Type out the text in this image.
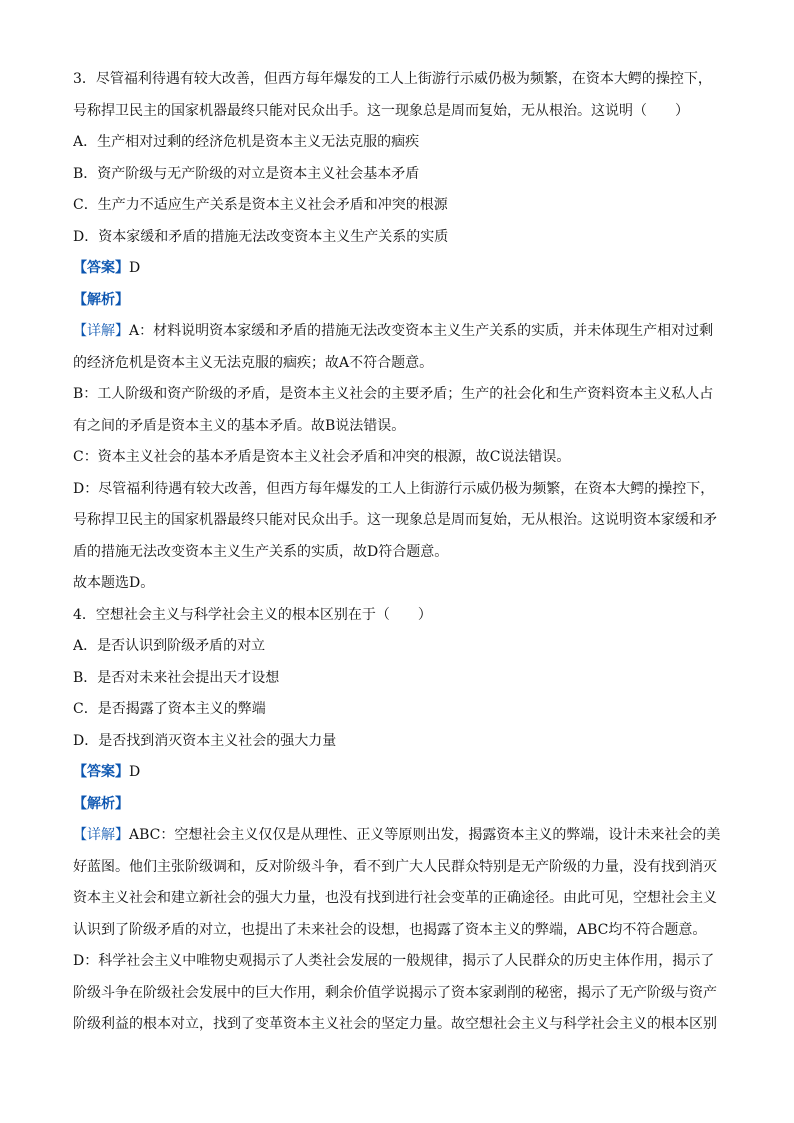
3．尽管福利待遇有较大改善，但西方每年爆发的工人上街游行示威仍极为频繁，在资本大鳄的操控下，
号称捍卫民主的国家机器最终只能对民众出手。这一现象总是周而复始，无从根治。这说明（　　）
A．生产相对过剩的经济危机是资本主义无法克服的痼疾
B．资产阶级与无产阶级的对立是资本主义社会基本矛盾
C．生产力不适应生产关系是资本主义社会矛盾和冲突的根源
D．资本家缓和矛盾的措施无法改变资本主义生产关系的实质
【答案】D
【解析】
【详解】A：材料说明资本家缓和矛盾的措施无法改变资本主义生产关系的实质，并未体现生产相对过剩
的经济危机是资本主义无法克服的痼疾；故A不符合题意。
B：工人阶级和资产阶级的矛盾，是资本主义社会的主要矛盾；生产的社会化和生产资料资本主义私人占
有之间的矛盾是资本主义的基本矛盾。故B说法错误。
C：资本主义社会的基本矛盾是资本主义社会矛盾和冲突的根源，故C说法错误。
D：尽管福利待遇有较大改善，但西方每年爆发的工人上街游行示威仍极为频繁，在资本大鳄的操控下，
号称捍卫民主的国家机器最终只能对民众出手。这一现象总是周而复始，无从根治。这说明资本家缓和矛
盾的措施无法改变资本主义生产关系的实质，故D符合题意。
故本题选D。
4．空想社会主义与科学社会主义的根本区别在于（　　）
A．是否认识到阶级矛盾的对立
B．是否对未来社会提出天才设想
C．是否揭露了资本主义的弊端
D．是否找到消灭资本主义社会的强大力量
【答案】D
【解析】
【详解】ABC：空想社会主义仅仅是从理性、正义等原则出发，揭露资本主义的弊端，设计未来社会的美
好蓝图。他们主张阶级调和，反对阶级斗争，看不到广大人民群众特别是无产阶级的力量，没有找到消灭
资本主义社会和建立新社会的强大力量，也没有找到进行社会变革的正确途径。由此可见，空想社会主义
认识到了阶级矛盾的对立，也提出了未来社会的设想，也揭露了资本主义的弊端，ABC均不符合题意。
D：科学社会主义中唯物史观揭示了人类社会发展的一般规律，揭示了人民群众的历史主体作用，揭示了
阶级斗争在阶级社会发展中的巨大作用，剩余价值学说揭示了资本家剥削的秘密，揭示了无产阶级与资产
阶级利益的根本对立，找到了变革资本主义社会的坚定力量。故空想社会主义与科学社会主义的根本区别
